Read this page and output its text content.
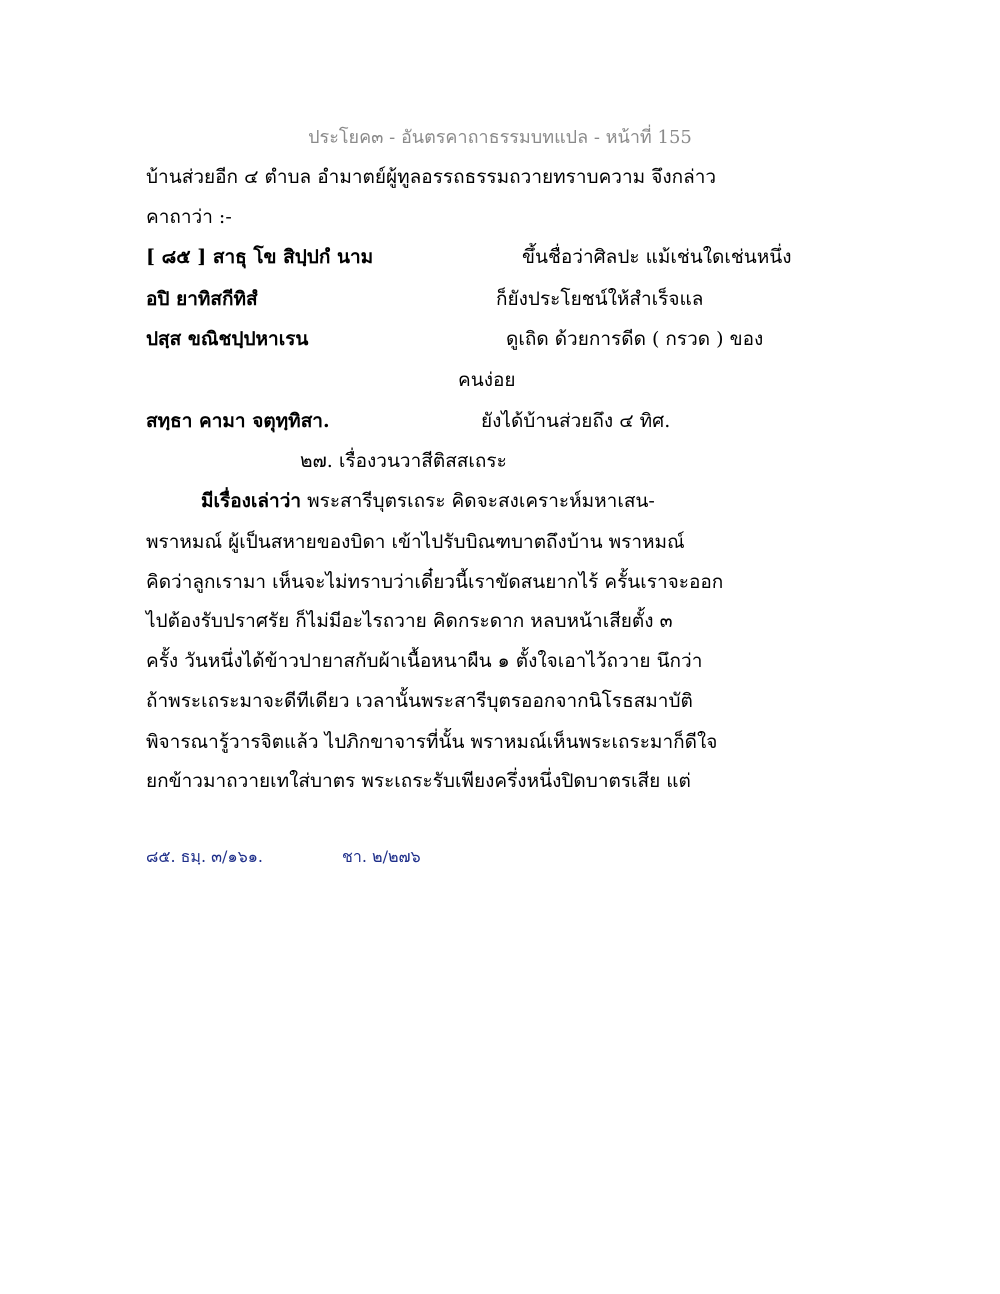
ประโยค๓ - อันตรคาถาธรรมบทแปล - หน้าที่ 155
บ้านส่วยอีก ๔ ตำบล อำมาตย์ผู้ทูลอรรถธรรมถวายทราบความ จึงกล่าว
คาถาว่า :-
[ ๘๕ ] สาธุ โข สิปฺปกํ นาม	ขึ้นชื่อว่าศิลปะ แม้เช่นใดเช่นหนึ่ง
อปิ ยาทิสกีทิสํ	ก็ยังประโยชน์ให้สำเร็จแล
ปสฺส ขณิชปฺปหาเรน	ดูเถิด ด้วยการดีด ( กรวด ) ของ
คนง่อย
สทฺธา คามา จตุทฺทิสา.	ยังได้บ้านส่วยถึง ๔ ทิศ.
๒๗. เรื่องวนวาสีติสสเถระ
มีเรื่องเล่าว่า พระสารีบุตรเถระ คิดจะสงเคราะห์มหาเสน-
พราหมณ์ ผู้เป็นสหายของบิดา เข้าไปรับบิณฑบาตถึงบ้าน พราหมณ์
คิดว่าลูกเรามา เห็นจะไม่ทราบว่าเดี๋ยวนี้เราขัดสนยากไร้ ครั้นเราจะออก
ไปต้องรับปราศรัย ก็ไม่มีอะไรถวาย คิดกระดาก หลบหน้าเสียตั้ง ๓
ครั้ง วันหนึ่งได้ข้าวปายาสกับผ้าเนื้อหนาผืน ๑ ตั้งใจเอาไว้ถวาย นึกว่า
ถ้าพระเถระมาจะดีทีเดียว เวลานั้นพระสารีบุตรออกจากนิโรธสมาบัติ
พิจารณารู้วารจิตแล้ว ไปภิกขาจารที่นั้น พราหมณ์เห็นพระเถระมาก็ดีใจ
ยกข้าวมาถวายเทใส่บาตร พระเถระรับเพียงครึ่งหนึ่งปิดบาตรเสีย แต่
๘๕. ธมฺ. ๓/๑๖๑.	ชา. ๒/๒๗๖
